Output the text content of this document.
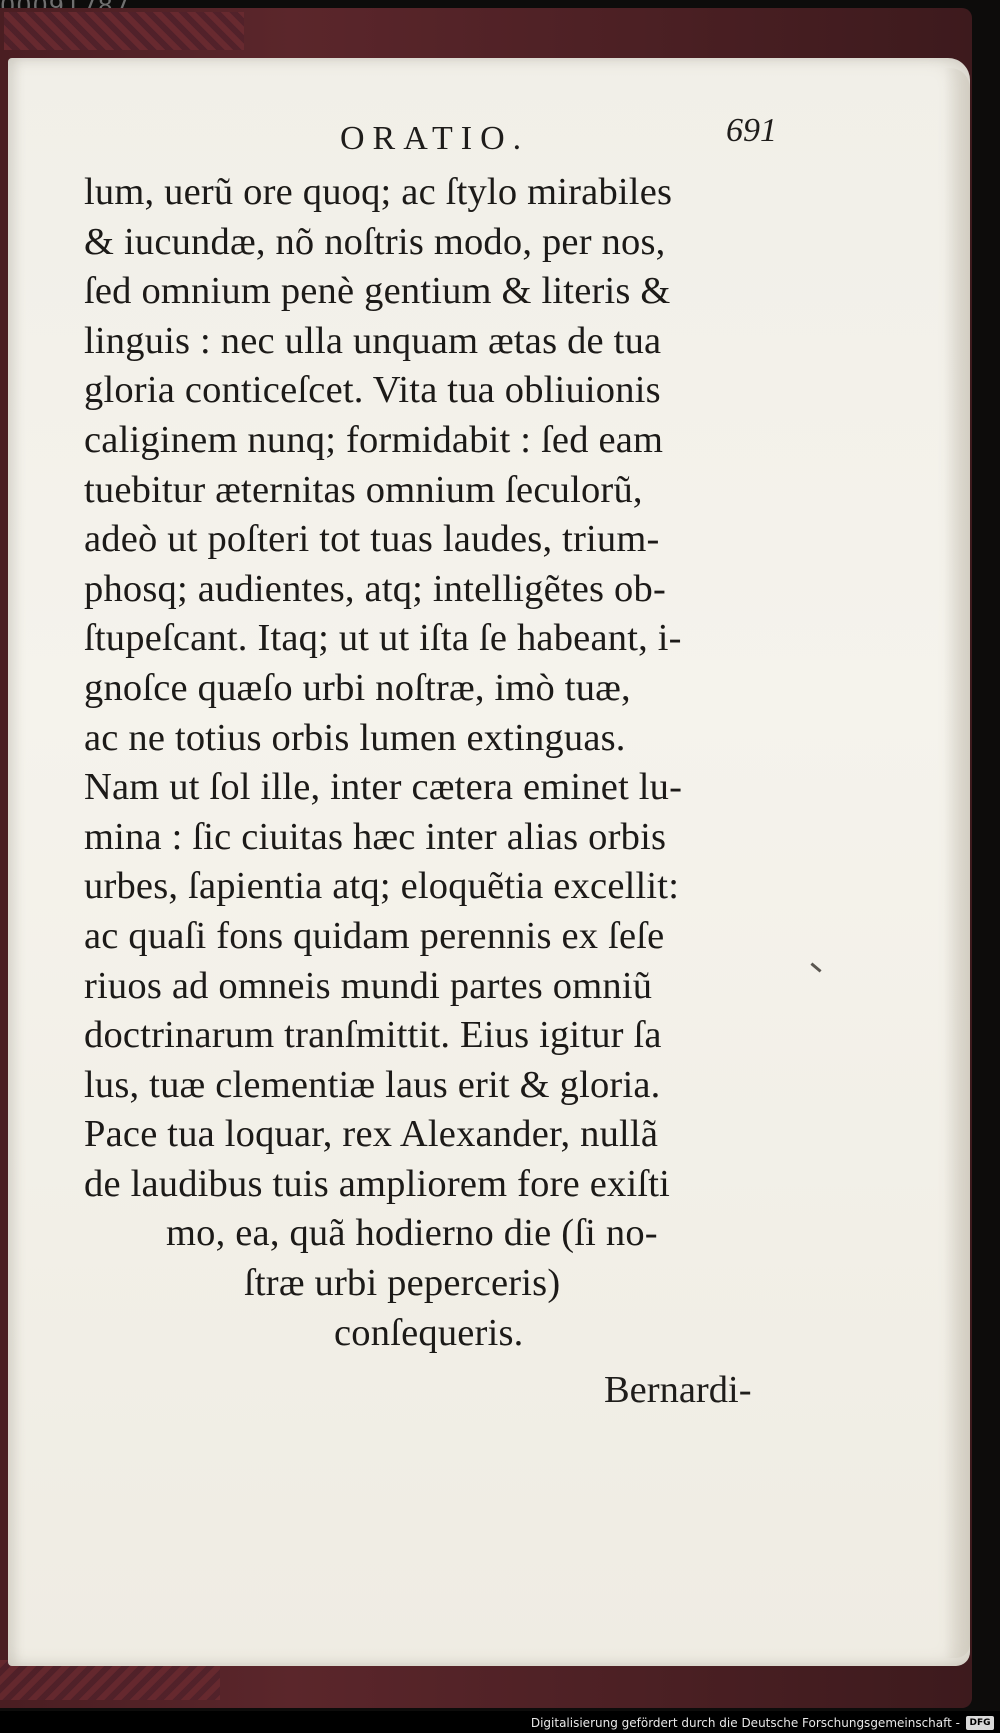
ORATIO.	691
lum, uerũ ore quoq; ac ſtylo mirabiles
& iucundæ, nõ noſtris modo, per nos,
ſed omnium penè gentium & literis &
linguis : nec ulla unquam ætas de tua
gloria conticeſcet. Vita tua obliuionis
caliginem nunq; formidabit : ſed eam
tuebitur æternitas omnium ſeculorũ,
adeò ut poſteri tot tuas laudes, trium-
phosq; audientes, atq; intelligẽtes ob-
ſtupeſcant. Itaq; ut ut iſta ſe habeant, i-
gnoſce quæſo urbi noſtræ, imò tuæ,
ac ne totius orbis lumen extinguas.
Nam ut ſol ille, inter cætera eminet lu-
mina : ſic ciuitas hæc inter alias orbis
urbes, ſapientia atq; eloquẽtia excellit:
ac quaſi fons quidam perennis ex ſeſe
riuos ad omneis mundi partes omniũ
doctrinarum tranſmittit. Eius igitur ſa
lus, tuæ clementiæ laus erit & gloria.
Pace tua loquar, rex Alexander, nullã
de laudibus tuis ampliorem fore exiſti
mo, ea, quã hodierno die (ſi no-
ſtræ urbi peperceris)
conſequeris.
Bernardi-
Digitalisierung gefördert durch die Deutsche Forschungsgemeinschaft -	DFG
